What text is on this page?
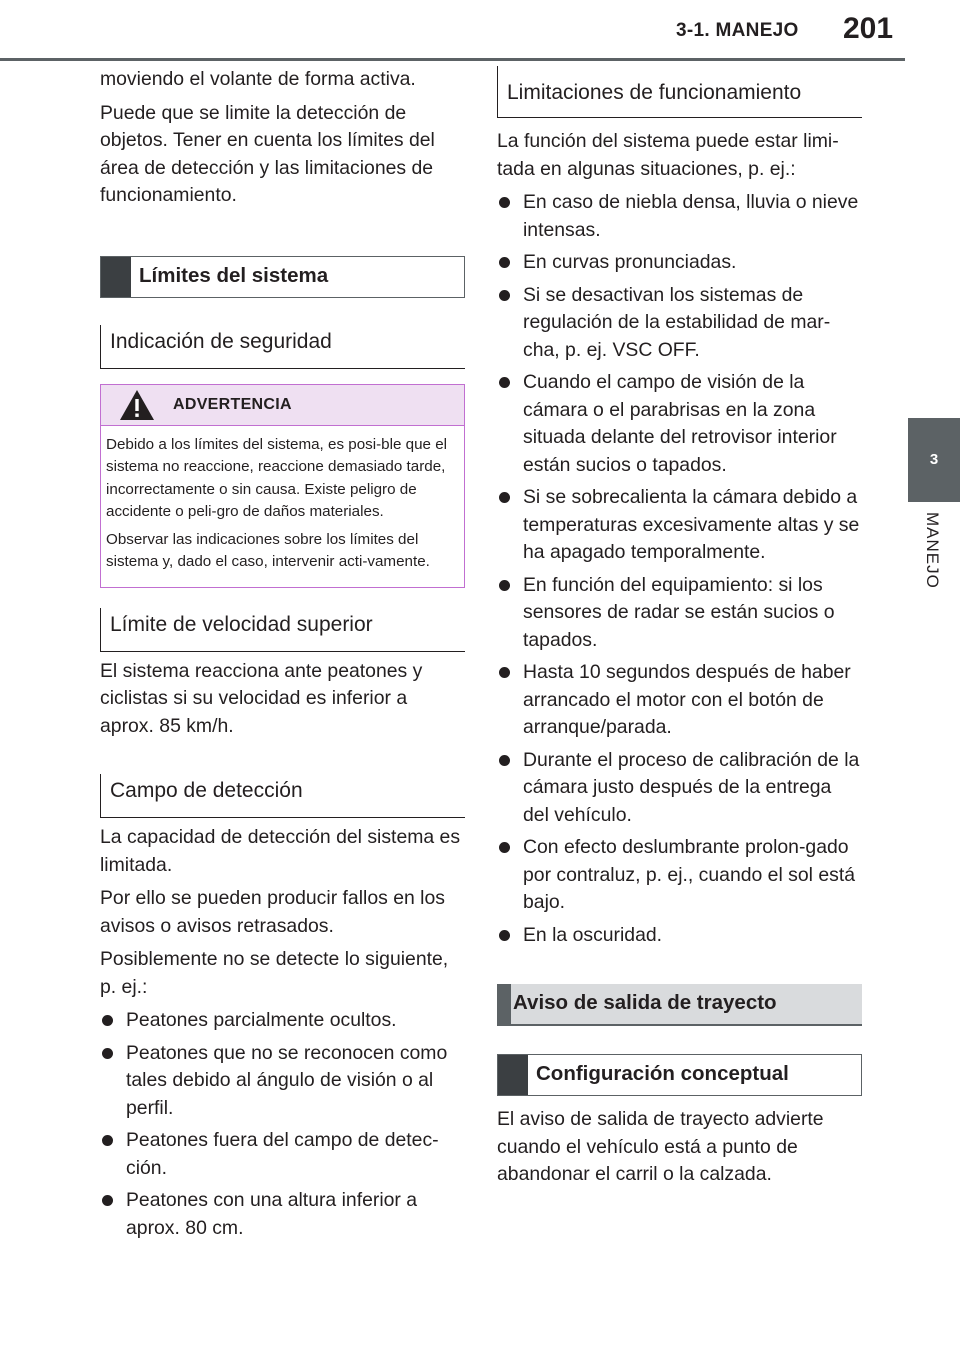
3-1. MANEJO 201
3
MANEJO

moviendo el volante de forma activa.

Puede que se limite la detección de objetos. Tener en cuenta los límites del área de detección y las limitaciones de funcionamiento.

Límites del sistema
Indicación de seguridad
ADVERTENCIA

Debido a los límites del sistema, es posi-ble que el sistema no reaccione, reaccione demasiado tarde, incorrectamente o sin causa. Existe peligro de accidente o peli-gro de daños materiales.

Observar las indicaciones sobre los límites del sistema y, dado el caso, intervenir acti-vamente.

Límite de velocidad superior

El sistema reacciona ante peatones y ciclistas si su velocidad es inferior a aprox. 85 km/h.

Campo de detección

La capacidad de detección del sistema es limitada.

Por ello se pueden producir fallos en los avisos o avisos retrasados.

Posiblemente no se detecte lo siguiente, p. ej.:

Peatones parcialmente ocultos.
Peatones que no se reconocen como tales debido al ángulo de visión o al perfil.
Peatones fuera del campo de detec-ción.
Peatones con una altura inferior a aprox. 80 cm.
Limitaciones de funcionamiento

La función del sistema puede estar limi-tada en algunas situaciones, p. ej.:

En caso de niebla densa, lluvia o nieve intensas.
En curvas pronunciadas.
Si se desactivan los sistemas de regulación de la estabilidad de mar-cha, p. ej. VSC OFF.
Cuando el campo de visión de la cámara o el parabrisas en la zona situada delante del retrovisor interior están sucios o tapados.
Si se sobrecalienta la cámara debido a temperaturas excesivamente altas y se ha apagado temporalmente.
En función del equipamiento: si los sensores de radar se están sucios o tapados.
Hasta 10 segundos después de haber arrancado el motor con el botón de arranque/parada.
Durante el proceso de calibración de la cámara justo después de la entrega del vehículo.
Con efecto deslumbrante prolon-gado por contraluz, p. ej., cuando el sol está bajo.
En la oscuridad.
Aviso de salida de trayecto
Configuración conceptual

El aviso de salida de trayecto advierte cuando el vehículo está a punto de abandonar el carril o la calzada.
